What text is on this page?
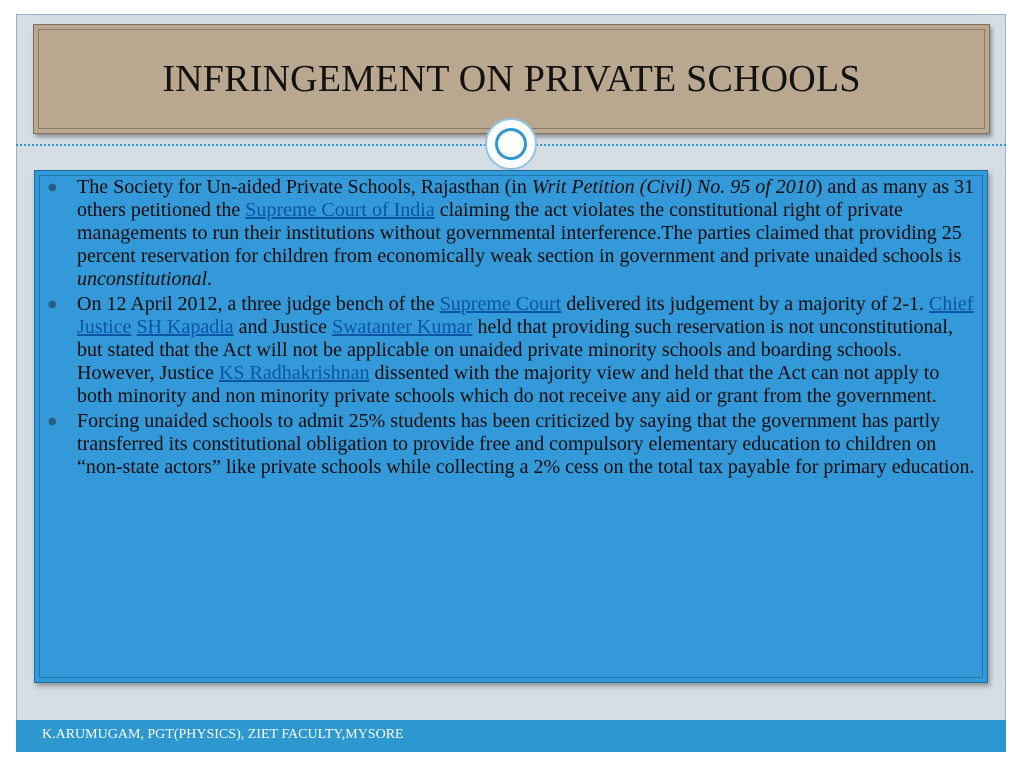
INFRINGEMENT ON PRIVATE SCHOOLS
● The Society for Un-aided Private Schools, Rajasthan (in Writ Petition (Civil) No. 95 of 2010) and as many as 31 others petitioned the Supreme Court of India claiming the act violates the constitutional right of private managements to run their institutions without governmental interference.The parties claimed that providing 25 percent reservation for children from economically weak section in government and private unaided schools is unconstitutional.
● On 12 April 2012, a three judge bench of the Supreme Court delivered its judgement by a majority of 2-1. Chief Justice SH Kapadia and Justice Swatanter Kumar held that providing such reservation is not unconstitutional, but stated that the Act will not be applicable on unaided private minority schools and boarding schools. However, Justice KS Radhakrishnan dissented with the majority view and held that the Act can not apply to both minority and non minority private schools which do not receive any aid or grant from the government.
● Forcing unaided schools to admit 25% students has been criticized by saying that the government has partly transferred its constitutional obligation to provide free and compulsory elementary education to children on “non-state actors” like private schools while collecting a 2% cess on the total tax payable for primary education.
K.ARUMUGAM, PGT(PHYSICS), ZIET FACULTY,MYSORE
